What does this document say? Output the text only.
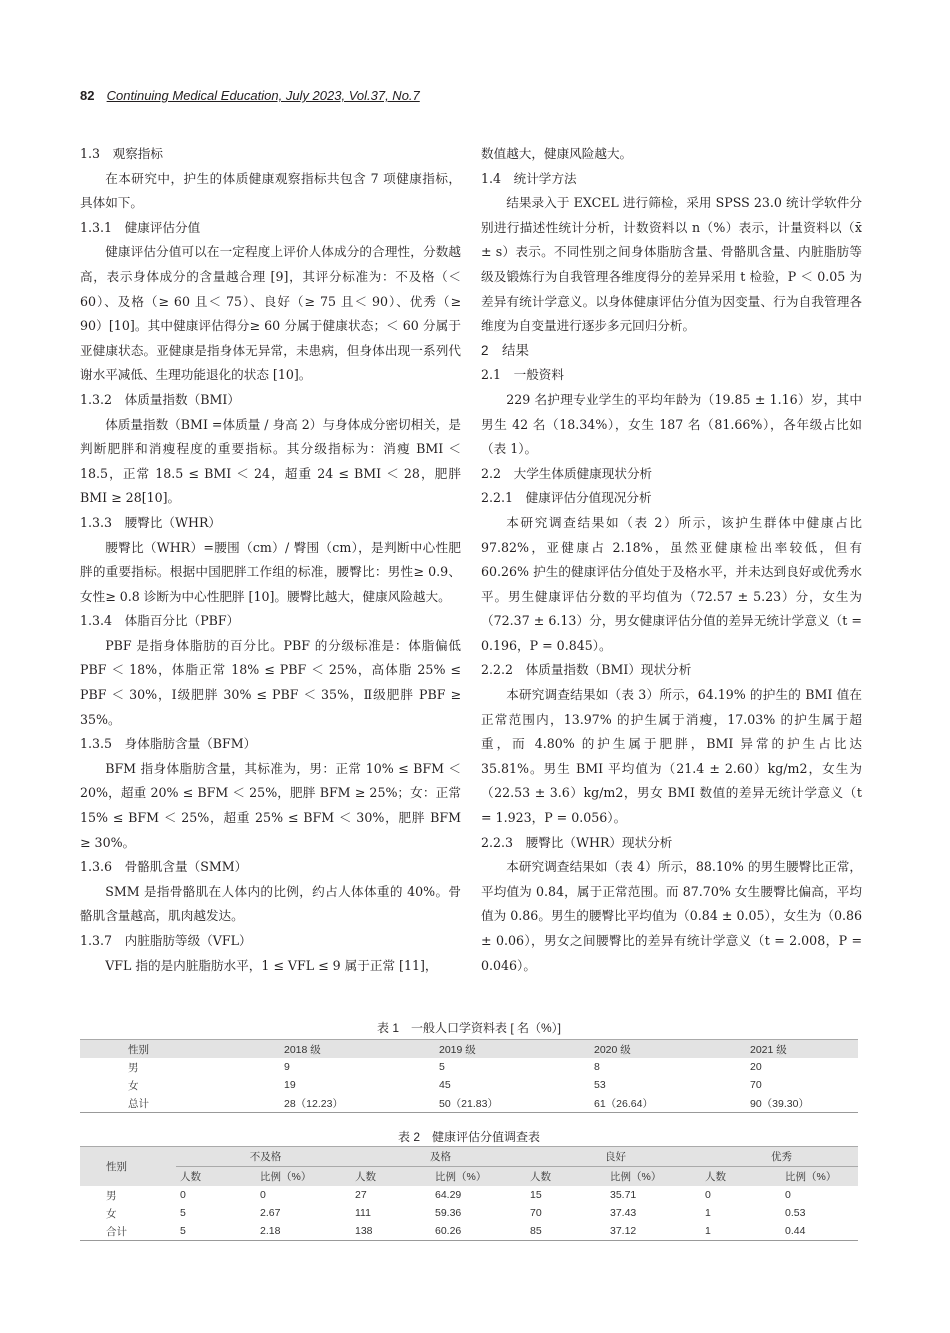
82 Continuing Medical Education, July 2023, Vol.37, No.7

1.3　观察指标

在本研究中，护生的体质健康观察指标共包含 7 项健康指标，具体如下。

1.3.1　健康评估分值

健康评估分值可以在一定程度上评价人体成分的合理性，分数越高，表示身体成分的含量越合理 [9]，其评分标准为：不及格（＜ 60）、及格（≥ 60 且＜ 75）、良好（≥ 75 且＜ 90）、优秀（≥ 90）[10]。其中健康评估得分≥ 60 分属于健康状态；＜ 60 分属于亚健康状态。亚健康是指身体无异常，未患病，但身体出现一系列代谢水平减低、生理功能退化的状态 [10]。

1.3.2　体质量指数（BMI）

体质量指数（BMI =体质量 / 身高 2）与身体成分密切相关，是判断肥胖和消瘦程度的重要指标。其分级指标为：消瘦 BMI ＜ 18.5，正常 18.5 ≤ BMI ＜ 24，超重 24 ≤ BMI ＜ 28，肥胖 BMI ≥ 28[10]。

1.3.3　腰臀比（WHR）

腰臀比（WHR）=腰围（cm）/ 臀围（cm），是判断中心性肥胖的重要指标。根据中国肥胖工作组的标准，腰臀比：男性≥ 0.9、女性≥ 0.8 诊断为中心性肥胖 [10]。腰臀比越大，健康风险越大。

1.3.4　体脂百分比（PBF）

PBF 是指身体脂肪的百分比。PBF 的分级标准是：体脂偏低 PBF ＜ 18%，体脂正常 18% ≤ PBF ＜ 25%，高体脂 25% ≤ PBF ＜ 30%，Ⅰ级肥胖 30% ≤ PBF ＜ 35%，Ⅱ级肥胖 PBF ≥ 35%。

1.3.5　身体脂肪含量（BFM）

BFM 指身体脂肪含量，其标准为，男：正常 10% ≤ BFM ＜ 20%，超重 20% ≤ BFM ＜ 25%，肥胖 BFM ≥ 25%；女：正常 15% ≤ BFM ＜ 25%，超重 25% ≤ BFM ＜ 30%，肥胖 BFM ≥ 30%。

1.3.6　骨骼肌含量（SMM）

SMM 是指骨骼肌在人体内的比例，约占人体体重的 40%。骨骼肌含量越高，肌肉越发达。

1.3.7　内脏脂肪等级（VFL）

VFL 指的是内脏脂肪水平，1 ≤ VFL ≤ 9 属于正常 [11]，

数值越大，健康风险越大。

1.4　统计学方法

结果录入于 EXCEL 进行筛检，采用 SPSS 23.0 统计学软件分别进行描述性统计分析，计数资料以 n（%）表示，计量资料以（x̄ ± s）表示。不同性别之间身体脂肪含量、骨骼肌含量、内脏脂肪等级及锻炼行为自我管理各维度得分的差异采用 t 检验，P ＜ 0.05 为差异有统计学意义。以身体健康评估分值为因变量、行为自我管理各维度为自变量进行逐步多元回归分析。

2　结果

2.1　一般资料

229 名护理专业学生的平均年龄为（19.85 ± 1.16）岁，其中男生 42 名（18.34%），女生 187 名（81.66%），各年级占比如（表 1）。

2.2　大学生体质健康现状分析

2.2.1　健康评估分值现况分析

本研究调查结果如（表 2）所示，该护生群体中健康占比 97.82%，亚健康占 2.18%，虽然亚健康检出率较低，但有 60.26% 护生的健康评估分值处于及格水平，并未达到良好或优秀水平。男生健康评估分数的平均值为（72.57 ± 5.23）分，女生为（72.37 ± 6.13）分，男女健康评估分值的差异无统计学意义（t = 0.196，P = 0.845）。

2.2.2　体质量指数（BMI）现状分析

本研究调查结果如（表 3）所示，64.19% 的护生的 BMI 值在正常范围内，13.97% 的护生属于消瘦，17.03% 的护生属于超重，而 4.80% 的护生属于肥胖，BMI 异常的护生占比达 35.81%。男生 BMI 平均值为（21.4 ± 2.60）kg/m2，女生为（22.53 ± 3.6）kg/m2，男女 BMI 数值的差异无统计学意义（t = 1.923，P = 0.056）。

2.2.3　腰臀比（WHR）现状分析

本研究调查结果如（表 4）所示，88.10% 的男生腰臀比正常，平均值为 0.84，属于正常范围。而 87.70% 女生腰臀比偏高，平均值为 0.86。男生的腰臀比平均值为（0.84 ± 0.05），女生为（0.86 ± 0.06），男女之间腰臀比的差异有统计学意义（t = 2.008，P = 0.046）。

表 1　一般人口学资料表 [ 名（%）]
性别	2018 级	2019 级	2020 级	2021 级
男	9	5	8	20
女	19	45	53	70
总计	28（12.23）	50（21.83）	61（26.64）	90（39.30）
表 2　健康评估分值调查表
性别	不及格		及格		良好		优秀	
	人数	比例（%）	人数	比例（%）	人数	比例（%）	人数	比例（%）
男	0	0	27	64.29	15	35.71	0	0
女	5	2.67	111	59.36	70	37.43	1	0.53
合计	5	2.18	138	60.26	85	37.12	1	0.44
